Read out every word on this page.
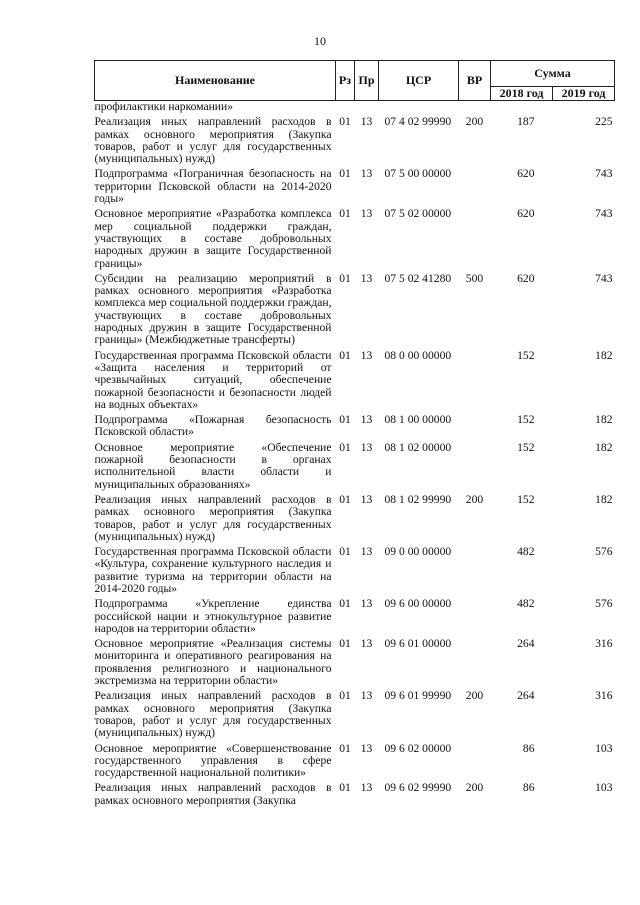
10
Наименование	Рз	Пр	ЦСР	ВР	Сумма	
					2018 год	2019 год
профилактики наркомании»						
Реализация иных направлений расходов в рамках основного мероприятия (Закупка товаров, работ и услуг для государственных (муниципальных) нужд)	01	13	07 4 02 99990	200	187	225
Подпрограмма «Пограничная безопасность на территории Псковской области на 2014-2020 годы»	01	13	07 5 00 00000		620	743
Основное мероприятие «Разработка комплекса мер социальной поддержки граждан, участвующих в составе добровольных народных дружин в защите Государственной границы»	01	13	07 5 02 00000		620	743
Субсидии на реализацию мероприятий в рамках основного мероприятия «Разработка комплекса мер социальной поддержки граждан, участвующих в составе добровольных народных дружин в защите Государственной границы» (Межбюджетные трансферты)	01	13	07 5 02 41280	500	620	743
Государственная программа Псковской области «Защита населения и территорий от чрезвычайных ситуаций, обеспечение пожарной безопасности и безопасности людей на водных объектах»	01	13	08 0 00 00000		152	182
Подпрограмма «Пожарная безопасность Псковской области»	01	13	08 1 00 00000		152	182
Основное мероприятие «Обеспечение пожарной безопасности в органах исполнительной власти области и муниципальных образованиях»	01	13	08 1 02 00000		152	182
Реализация иных направлений расходов в рамках основного мероприятия (Закупка товаров, работ и услуг для государственных (муниципальных) нужд)	01	13	08 1 02 99990	200	152	182
Государственная программа Псковской области «Культура, сохранение культурного наследия и развитие туризма на территории области на 2014-2020 годы»	01	13	09 0 00 00000		482	576
Подпрограмма «Укрепление единства российской нации и этнокультурное развитие народов на территории области»	01	13	09 6 00 00000		482	576
Основное мероприятие «Реализация системы мониторинга и оперативного реагирования на проявления религиозного и национального экстремизма на территории области»	01	13	09 6 01 00000		264	316
Реализация иных направлений расходов в рамках основного мероприятия (Закупка товаров, работ и услуг для государственных (муниципальных) нужд)	01	13	09 6 01 99990	200	264	316
Основное мероприятие «Совершенствование государственного управления в сфере государственной национальной политики»	01	13	09 6 02 00000		86	103
Реализация иных направлений расходов в рамках основного мероприятия (Закупка	01	13	09 6 02 99990	200	86	103
